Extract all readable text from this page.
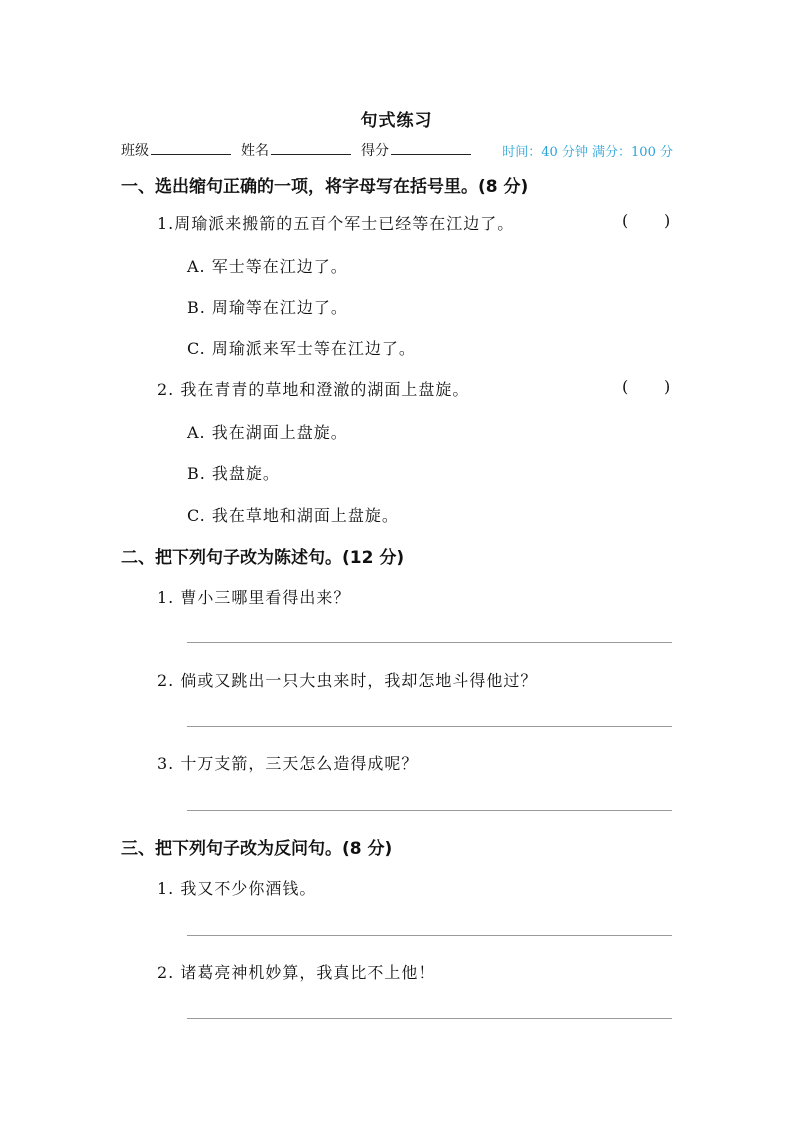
句式练习
班级	姓名	得分	时间：40 分钟 满分：100 分
一、选出缩句正确的一项，将字母写在括号里。(8 分)
1.周瑜派来搬箭的五百个军士已经等在江边了。	( )
A. 军士等在江边了。
B. 周瑜等在江边了。
C. 周瑜派来军士等在江边了。
2. 我在青青的草地和澄澈的湖面上盘旋。	( )
A. 我在湖面上盘旋。
B. 我盘旋。
C. 我在草地和湖面上盘旋。
二、把下列句子改为陈述句。(12 分)
1. 曹小三哪里看得出来？
2. 倘或又跳出一只大虫来时，我却怎地斗得他过？
3. 十万支箭，三天怎么造得成呢？
三、把下列句子改为反问句。(8 分)
1. 我又不少你酒钱。
2. 诸葛亮神机妙算，我真比不上他！
